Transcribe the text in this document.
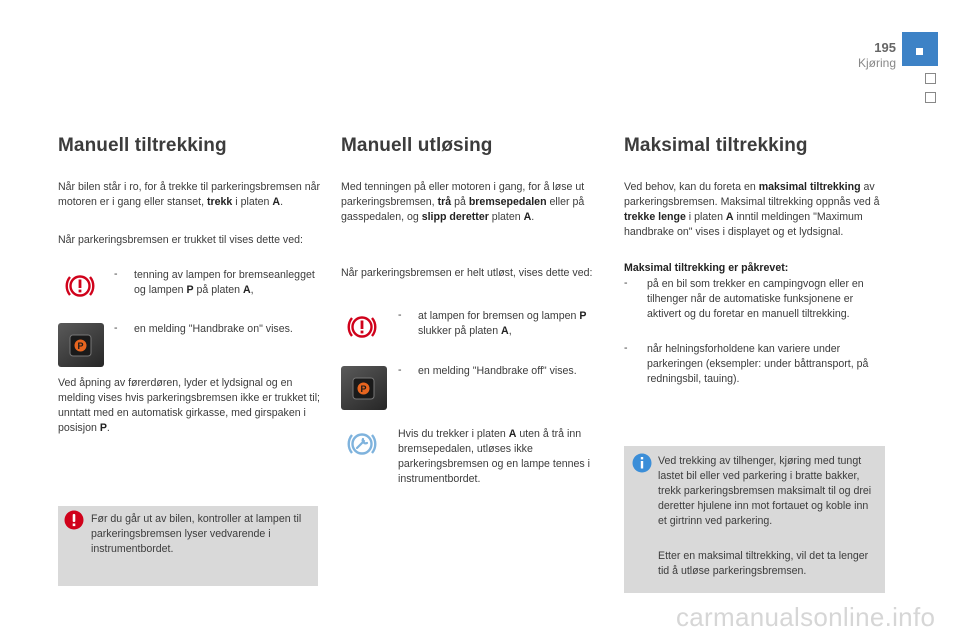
195
Kjøring
Manuell tiltrekking

Når bilen står i ro, for å trekke til parkeringsbremsen når motoren er i gang eller stanset, trekk i platen A.

Når parkeringsbremsen er trukket til vises dette ved:

- tenning av lampen for bremseanlegget og lampen P på platen A,

P
- en melding "Handbrake on" vises.

Ved åpning av førerdøren, lyder et lydsignal og en melding vises hvis parkeringsbremsen ikke er trukket til; unntatt med en automatisk girkasse, med girspaken i posisjon P.

Før du går ut av bilen, kontroller at lampen til parkeringsbremsen lyser vedvarende i instrumentbordet.

Manuell utløsing

Med tenningen på eller motoren i gang, for å løse ut parkeringsbremsen, trå på bremsepedalen eller på gasspedalen, og slipp deretter platen A.

Når parkeringsbremsen er helt utløst, vises dette ved:

- at lampen for bremsen og lampen P slukker på platen A,

P
- en melding "Handbrake off" vises.

Hvis du trekker i platen A uten å trå inn bremsepedalen, utløses ikke parkeringsbremsen og en lampe tennes i instrumentbordet.

Maksimal tiltrekking

Ved behov, kan du foreta en maksimal tiltrekking av parkeringsbremsen. Maksimal tiltrekking oppnås ved å trekke lenge i platen A inntil meldingen "Maximum handbrake on" vises i displayet og et lydsignal.

Maksimal tiltrekking er påkrevet:

- på en bil som trekker en campingvogn eller en tilhenger når de automatiske funksjonene er aktivert og du foretar en manuell tiltrekking.

- når helningsforholdene kan variere under parkeringen (eksempler: under båttransport, på redningsbil, tauing).

Ved trekking av tilhenger, kjøring med tungt lastet bil eller ved parkering i bratte bakker, trekk parkeringsbremsen maksimalt til og drei deretter hjulene inn mot fortauet og koble inn et girtrinn ved parkering.

Etter en maksimal tiltrekking, vil det ta lenger tid å utløse parkeringsbremsen.

carmanualsonline.info
